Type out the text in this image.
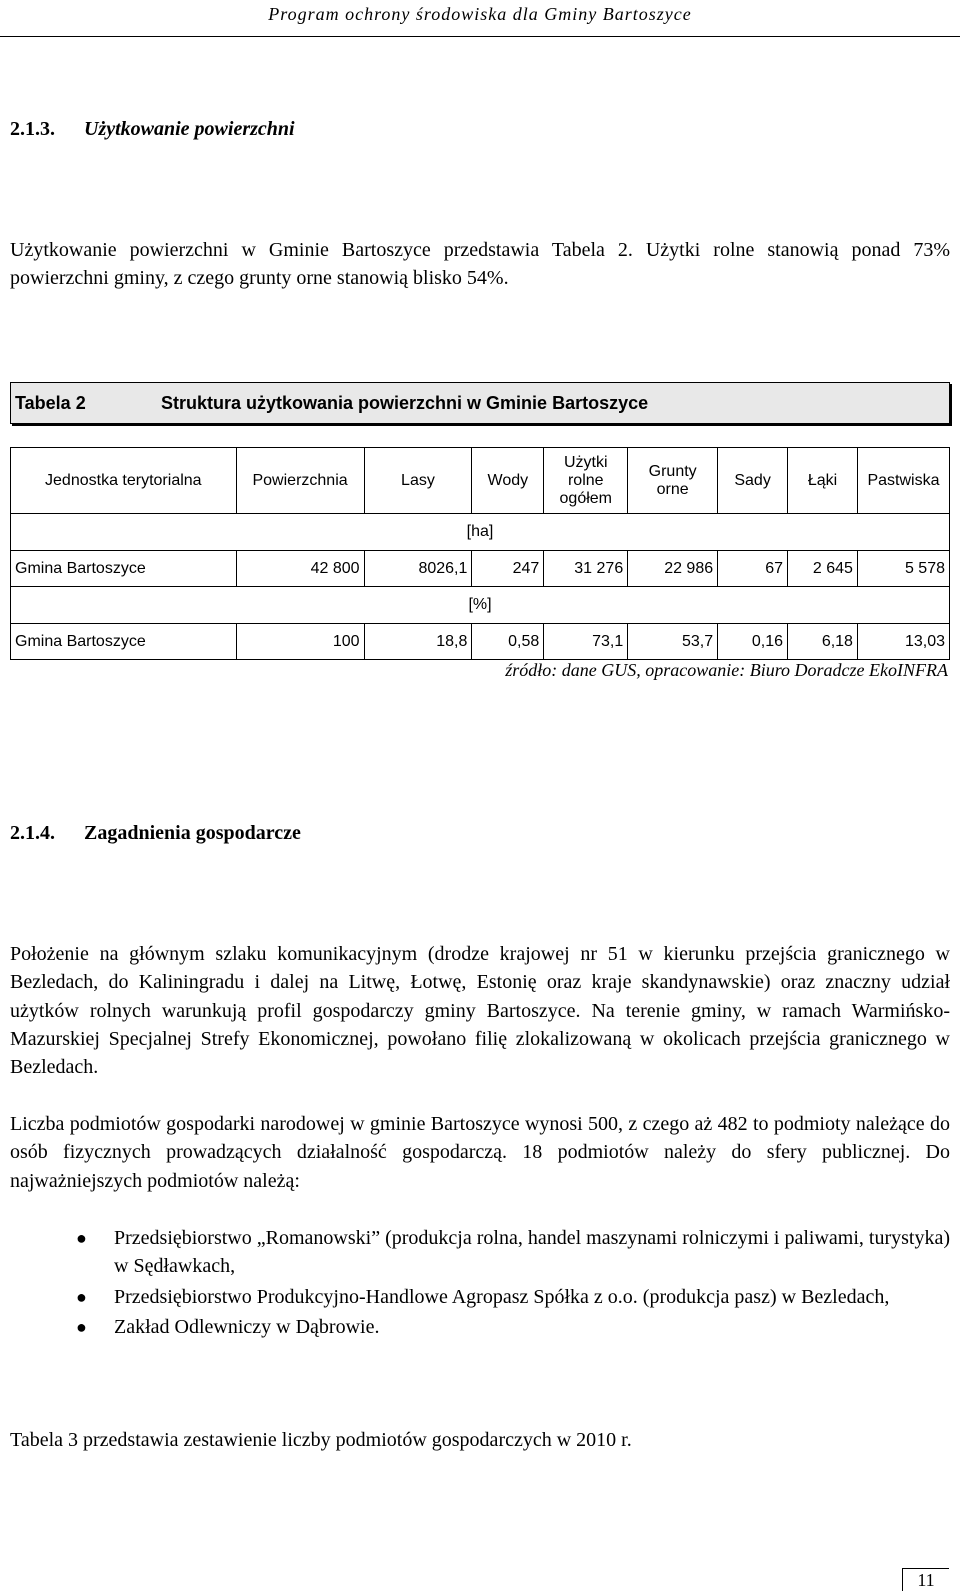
Program ochrony środowiska dla Gminy Bartoszyce
2.1.3. Użytkowanie powierzchni

Użytkowanie powierzchni w Gminie Bartoszyce przedstawia Tabela 2. Użytki rolne stanowią ponad 73% powierzchni gminy, z czego grunty orne stanowią blisko 54%.

Tabela 2	Struktura użytkowania powierzchni w Gminie Bartoszyce
Jednostka terytorialna	Powierzchnia	Lasy	Wody	Użytki rolne ogółem	Grunty orne	Sady	Łąki	Pastwiska
[ha]								
Gmina Bartoszyce	42 800	8026,1	247	31 276	22 986	67	2 645	5 578
[%]								
Gmina Bartoszyce	100	18,8	0,58	73,1	53,7	0,16	6,18	13,03
źródło: dane GUS, opracowanie: Biuro Doradcze EkoINFRA
2.1.4. Zagadnienia gospodarcze

Położenie na głównym szlaku komunikacyjnym (drodze krajowej nr 51 w kierunku przejścia granicznego w Bezledach, do Kaliningradu i dalej na Litwę, Łotwę, Estonię oraz kraje skandynawskie) oraz znaczny udział użytków rolnych warunkują profil gospodarczy gminy Bartoszyce. Na terenie gminy, w ramach Warmińsko-Mazurskiej Specjalnej Strefy Ekonomicznej, powołano filię zlokalizowaną w okolicach przejścia granicznego w Bezledach.

Liczba podmiotów gospodarki narodowej w gminie Bartoszyce wynosi 500, z czego aż 482 to podmioty należące do osób fizycznych prowadzących działalność gospodarczą. 18 podmiotów należy do sfery publicznej. Do najważniejszych podmiotów należą:

● Przedsiębiorstwo „Romanowski” (produkcja rolna, handel maszynami rolniczymi i paliwami, turystyka) w Sędławkach,
● Przedsiębiorstwo Produkcyjno-Handlowe Agropasz Spółka z o.o. (produkcja pasz) w Bezledach,
● Zakład Odlewniczy w Dąbrowie.

Tabela 3 przedstawia zestawienie liczby podmiotów gospodarczych w 2010 r.

11
